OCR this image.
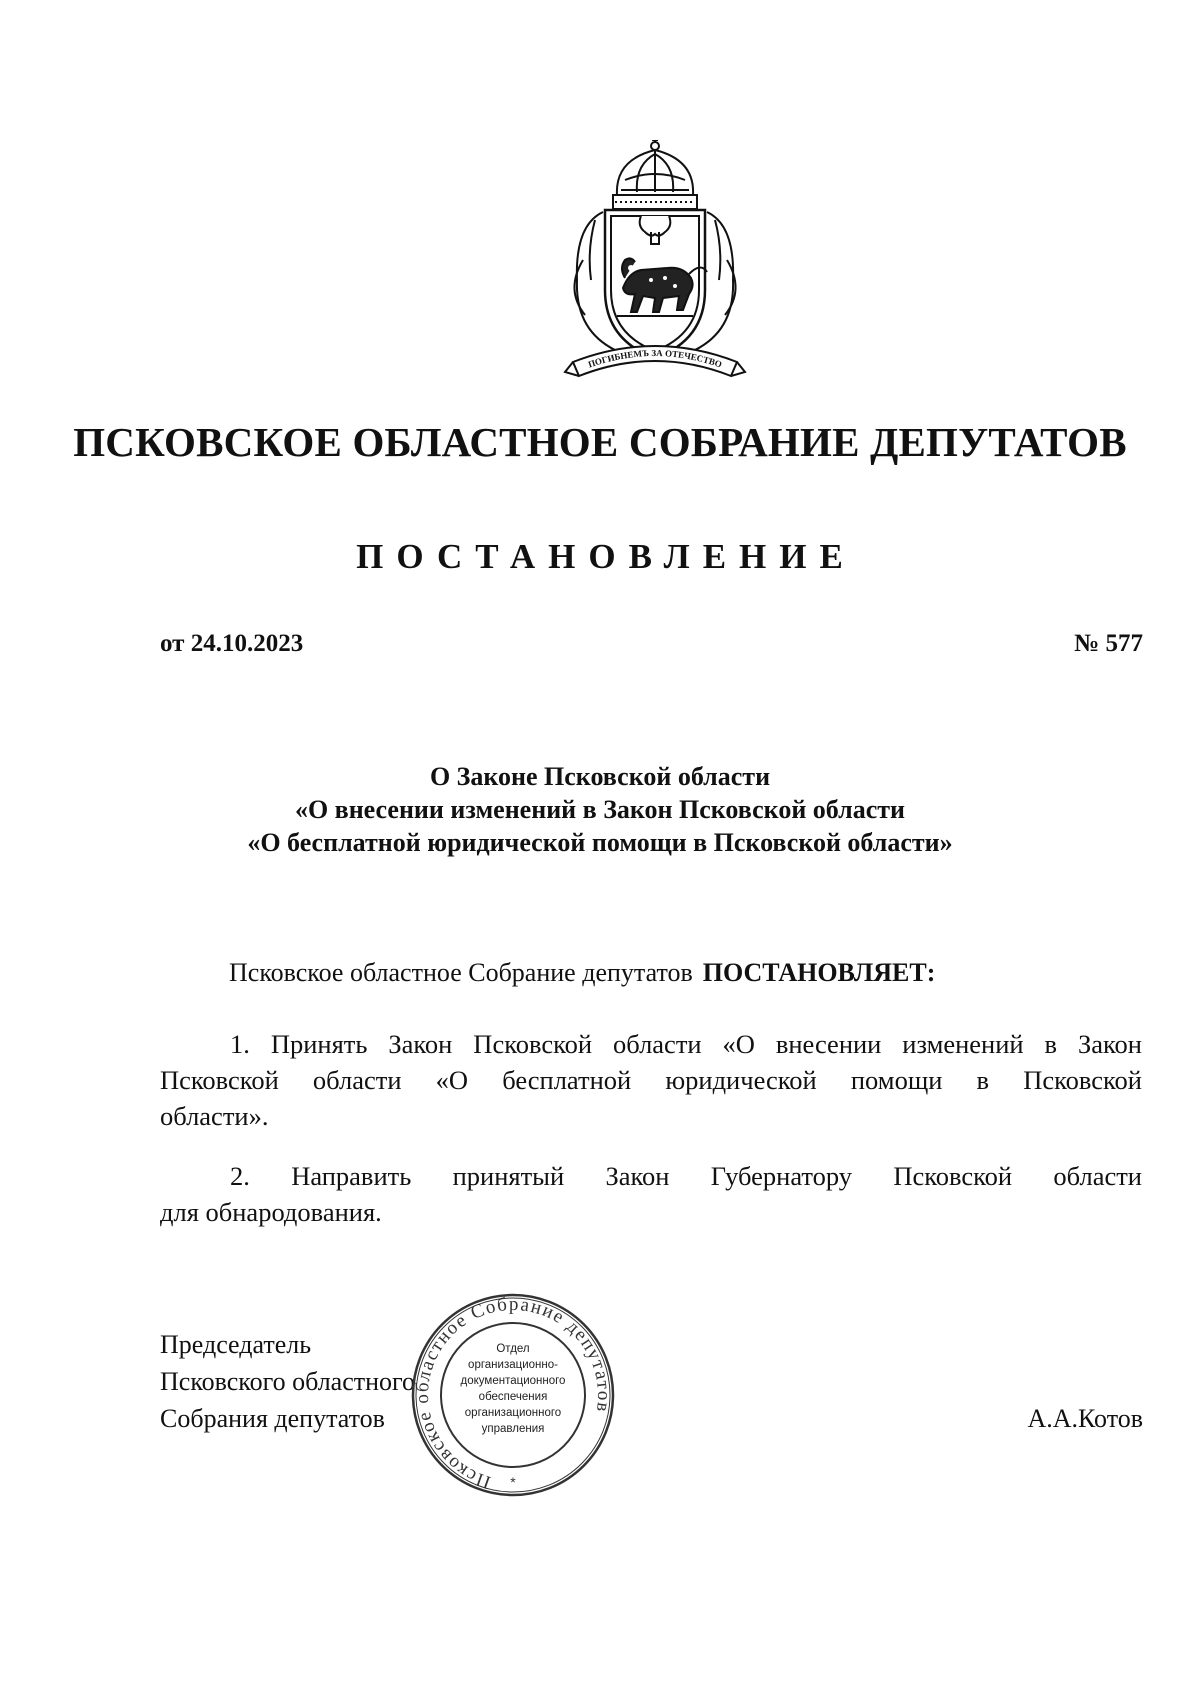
ПОГИБНЕМЪ ЗА ОТЕЧЕСТВО
ПСКОВСКОЕ ОБЛАСТНОЕ СОБРАНИЕ ДЕПУТАТОВ
ПОСТАНОВЛЕНИЕ
от 24.10.2023	№ 577
О Законе Псковской области
«О внесении изменений в Закон Псковской области
«О бесплатной юридической помощи в Псковской области»
Псковское областное Собрание депутатов ПОСТАНОВЛЯЕТ:
1. Принять Закон Псковской области «О внесении изменений в Закон
Псковской области «О бесплатной юридической помощи в Псковской
области».
2. Направить принятый Закон Губернатору Псковской области
для обнародования.
Председатель
Псковского областного
Собрания депутатов	А.А.Котов
Псковское областное Собрание депутатов
Отдел
организационно-
документационного
обеспечения
организационного
управления
*
